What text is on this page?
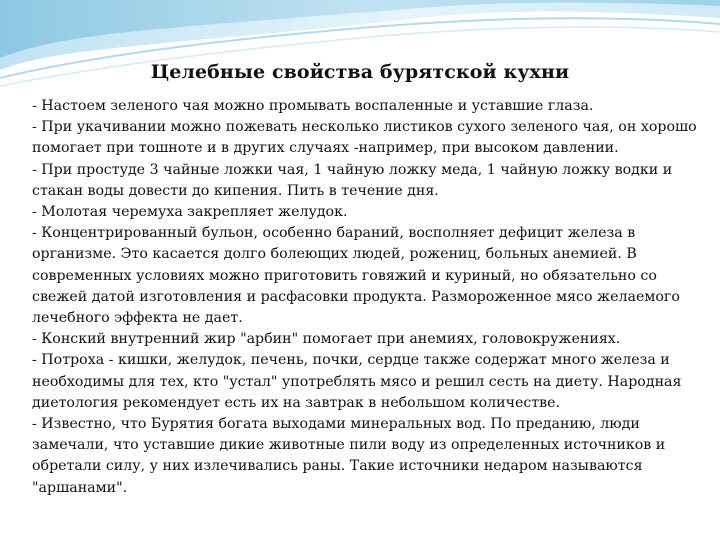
Целебные свойства бурятской кухни
- Настоем зеленого чая можно промывать воспаленные и уставшие глаза.
- При укачивании можно пожевать несколько листиков сухого зеленого чая, он хорошо помогает при тошноте и в других случаях -например, при высоком давлении.
- При простуде 3 чайные ложки чая, 1 чайную ложку меда, 1 чайную ложку водки и стакан воды довести до кипения. Пить в течение дня.
- Молотая черемуха закрепляет желудок.
- Концентрированный бульон, особенно бараний, восполняет дефицит железа в организме. Это касается долго болеющих людей, рожениц, больных анемией. В современных условиях можно приготовить говяжий и куриный, но обязательно со свежей датой изготовления и расфасовки продукта. Размороженное мясо желаемого лечебного эффекта не дает.
- Конский внутренний жир "арбин" помогает при анемиях, головокружениях.
- Потроха - кишки, желудок, печень, почки, сердце также содержат много железа и необходимы для тех, кто "устал" употреблять мясо и решил сесть на диету. Народная диетология рекомендует есть их на завтрак в небольшом количестве.
- Известно, что Бурятия богата выходами минеральных вод. По преданию, люди замечали, что уставшие дикие животные пили воду из определенных источников и обретали силу, у них излечивались раны. Такие источники недаром называются "аршанами".
